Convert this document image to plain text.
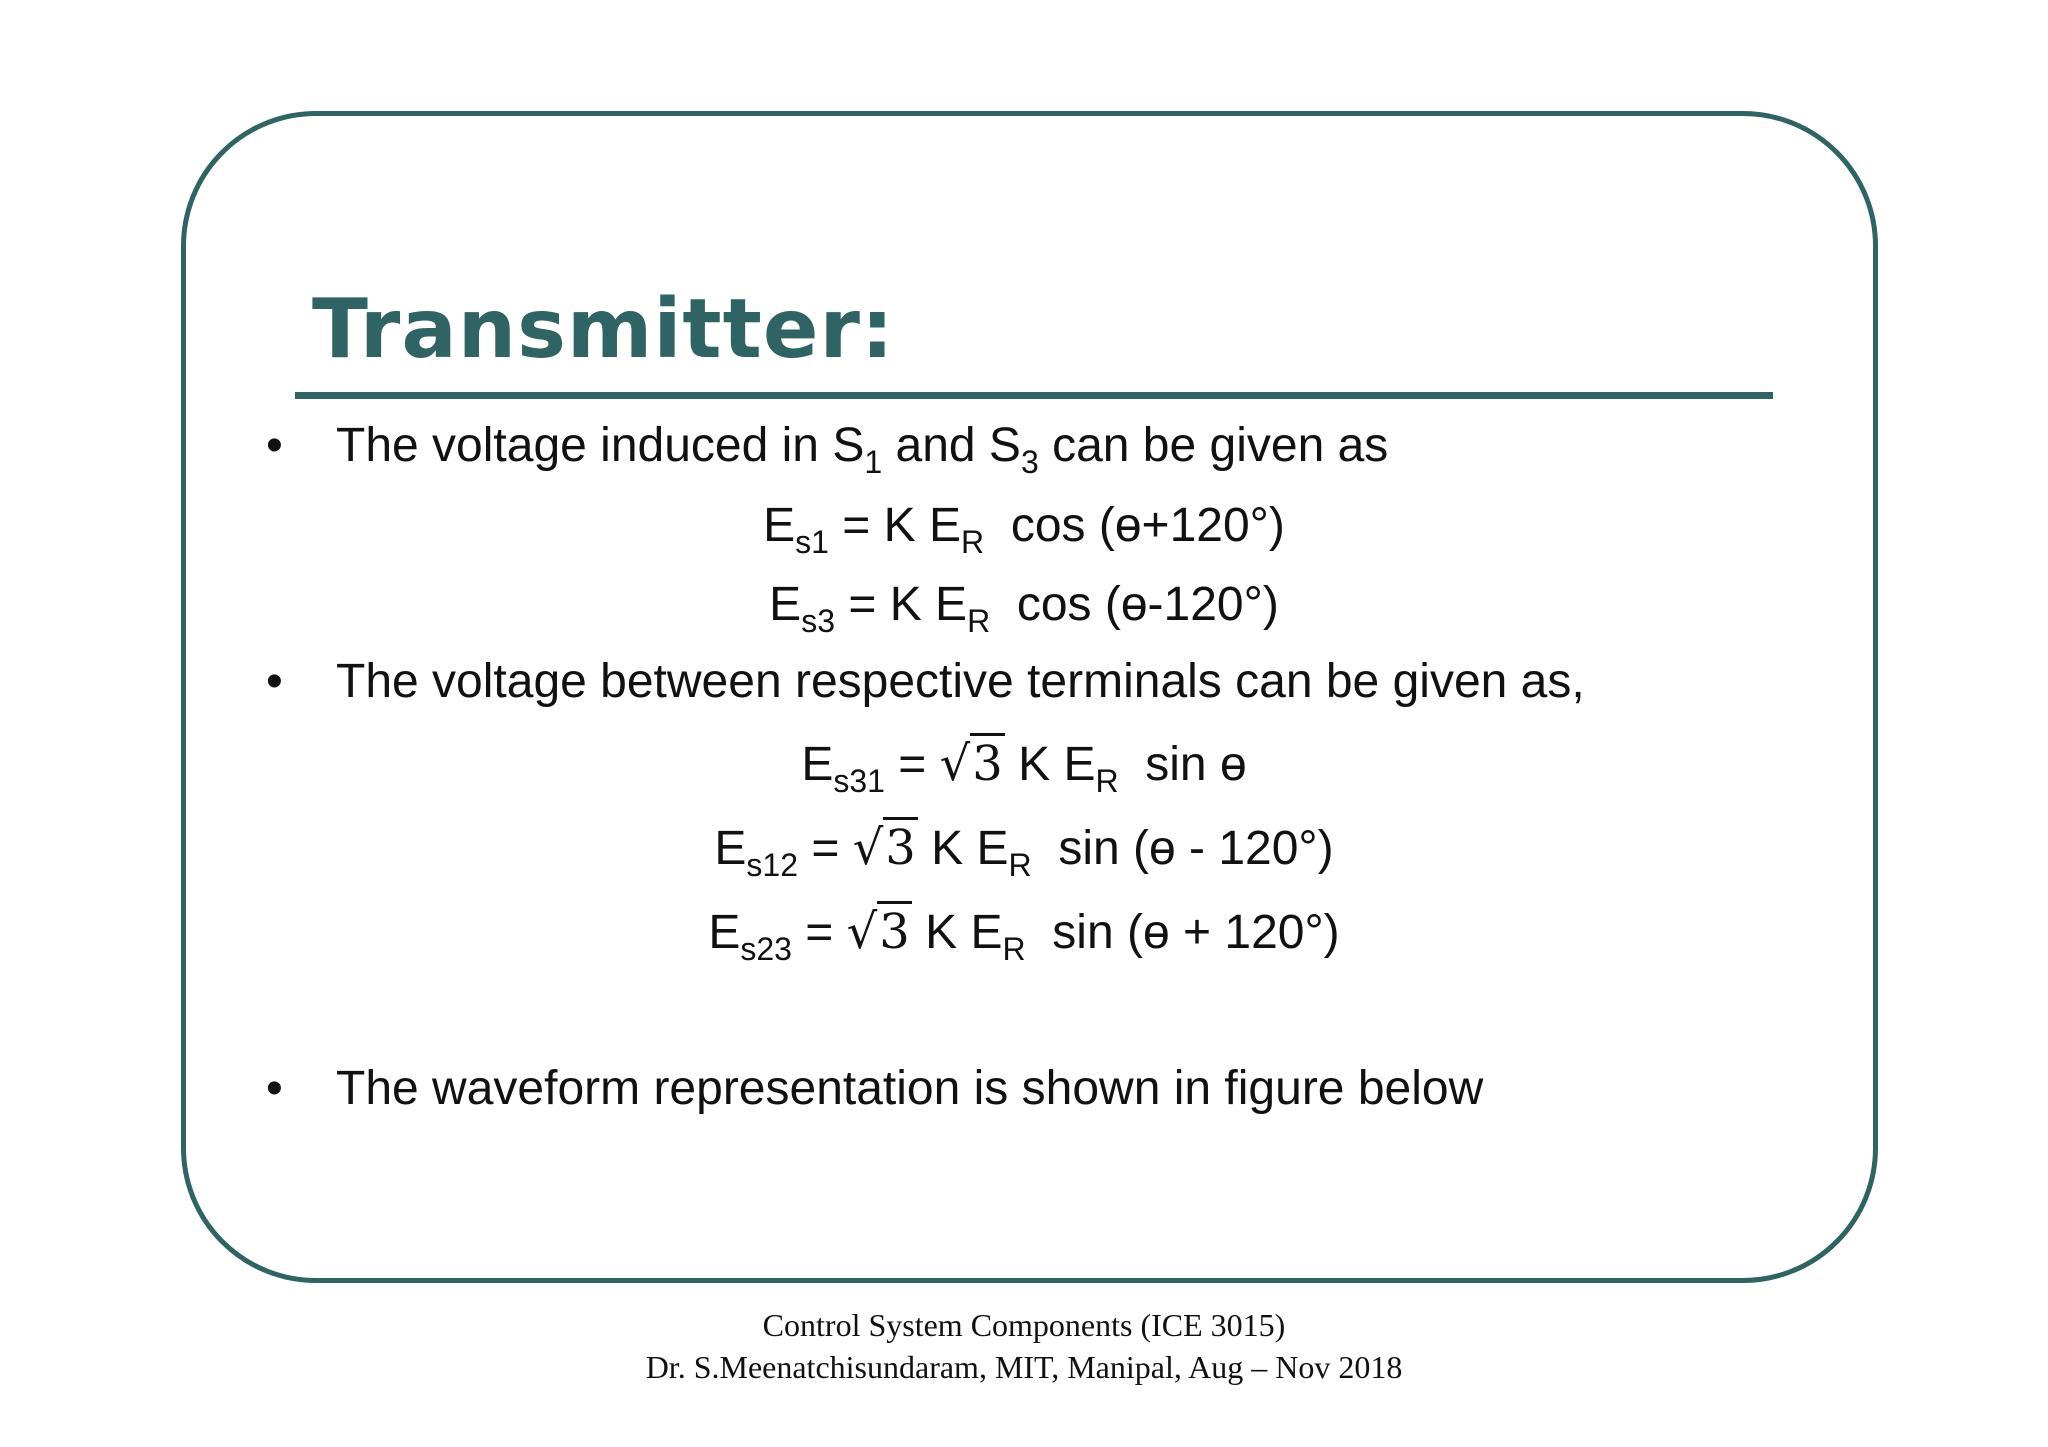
Transmitter:
• The voltage induced in $S_1$ and $S_3$ can be given as
$E_{s1} = K$ $E_R$  cos (ɵ+120°)
$E_{s3} = K$ $E_R$  cos (ɵ-120°)
• The voltage between respective terminals can be given as,
$E_{s31} = √3$ K $E_R$  sin ɵ
$E_{s12} = √3$ K $E_R$  sin (ɵ - 120°)
$E_{s23} = √3$ K $E_R$  sin (ɵ + 120°)
• The waveform representation is shown in figure below
Control System Components (ICE 3015)
Dr. S.Meenatchisundaram, MIT, Manipal, Aug – Nov 2018
